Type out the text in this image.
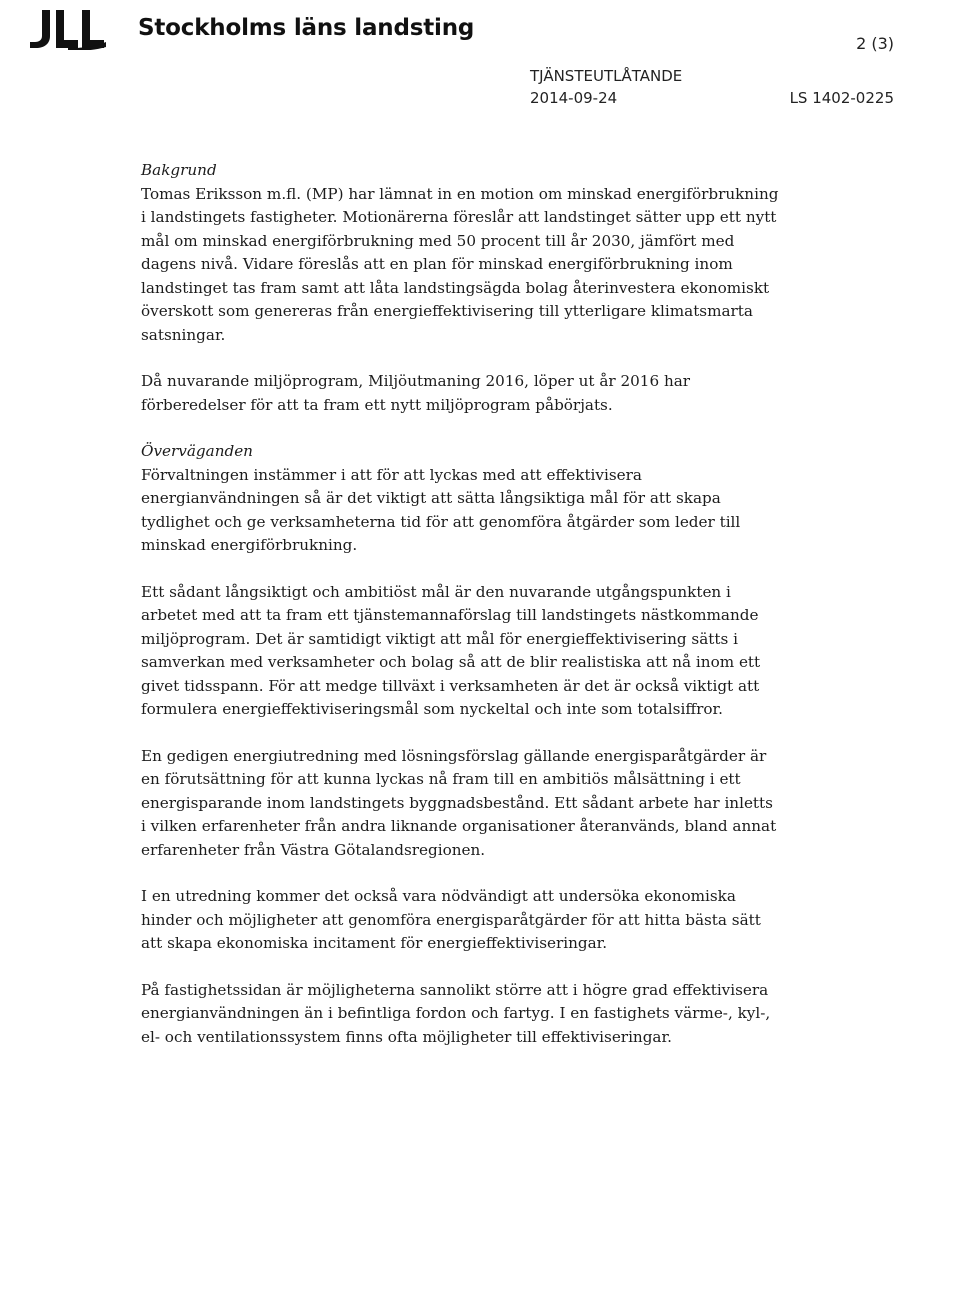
Stockholms läns landsting
2 (3)
TJÄNSTEUTLÅTANDE
2014-09-24	LS 1402-0225

Bakgrund

Tomas Eriksson m.fl. (MP) har lämnat in en motion om minskad energiförbrukning i landstingets fastigheter. Motionärerna föreslår att landstinget sätter upp ett nytt mål om minskad energiförbrukning med 50 procent till år 2030, jämfört med dagens nivå. Vidare föreslås att en plan för minskad energiförbrukning inom landstinget tas fram samt att låta landstingsägda bolag återinvestera ekonomiskt överskott som genereras från energieffektivisering till ytterligare klimatsmarta satsningar.

Då nuvarande miljöprogram, Miljöutmaning 2016, löper ut år 2016 har förberedelser för att ta fram ett nytt miljöprogram påbörjats.

Överväganden

Förvaltningen instämmer i att för att lyckas med att effektivisera energianvändningen så är det viktigt att sätta långsiktiga mål för att skapa tydlighet och ge verksamheterna tid för att genomföra åtgärder som leder till minskad energiförbrukning.

Ett sådant långsiktigt och ambitiöst mål är den nuvarande utgångspunkten i arbetet med att ta fram ett tjänstemannaförslag till landstingets nästkommande miljöprogram. Det är samtidigt viktigt att mål för energieffektivisering sätts i samverkan med verksamheter och bolag så att de blir realistiska att nå inom ett givet tidsspann. För att medge tillväxt i verksamheten är det är också viktigt att formulera energieffektiviseringsmål som nyckeltal och inte som totalsiffror.

En gedigen energiutredning med lösningsförslag gällande energisparåtgärder är en förutsättning för att kunna lyckas nå fram till en ambitiös målsättning i ett energisparande inom landstingets byggnadsbestånd. Ett sådant arbete har inletts i vilken erfarenheter från andra liknande organisationer återanvänds, bland annat erfarenheter från Västra Götalandsregionen.

I en utredning kommer det också vara nödvändigt att undersöka ekonomiska hinder och möjligheter att genomföra energisparåtgärder för att hitta bästa sätt att skapa ekonomiska incitament för energieffektiviseringar.

På fastighetssidan är möjligheterna sannolikt större att i högre grad effektivisera energianvändningen än i befintliga fordon och fartyg. I en fastighets värme-, kyl-, el- och ventilationssystem finns ofta möjligheter till effektiviseringar.
